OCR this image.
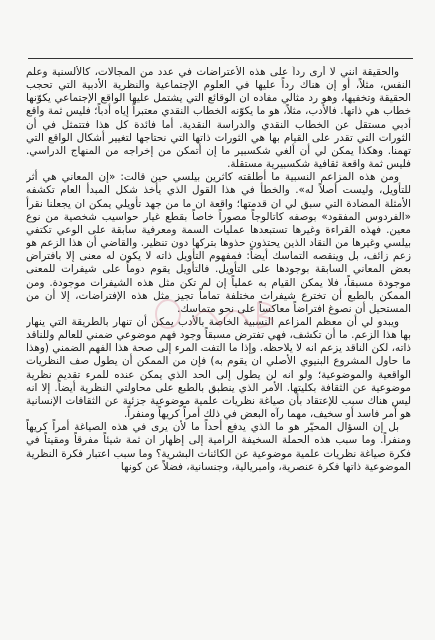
والحقيقة انني لا أرى رداً على هذه الأعتراضات في عدد من المجالات، كالألسنية وعلم النفس، مثلاً، أو إن هناك رداً عليها في العلوم الإجتماعية والنظرية الأدبية التي تحجب الحقيقة وتخفيها، وهو رد مثالي مفاده ان الوقائع التي يشتمل عليها الواقع الإجتماعي يكوّنها خطاب هي ذاتها. فالأدب، مثلاً، هو ما يكوّنه الخطاب النقدي معتبراً إياه أدباً؛ فليس ثمة واقع أدبي مستقل عن الخطاب النقدي والدراسة النقدية. أما فائدة كل هذا فتتمثل في أن الثورات التي تقدر على القيام بها هي الثورات ذاتها التي نحتاجها لتغيير أشكال الواقع التي تهمنا. وهكذا يمكن لي أن ألغي شكسبير ما إن أتمكن من إخراجه من المنهاج الدراسي. فليس ثمة واقعة ثقافية شكسبيرية مستقلة.

ومن هذه المزاعم النسبية ما أطلقته كاثرين بيلسي حين قالت: «إن المعاني هي أثر للتأويل، وليست أصلاً له». والخطأ في هذا القول الذي يأخذ شكل المبدأ العام تكشفه الأمثلة المضادة التي سبق لي ان قدمتها؛ واقعة ان ما من جهد تأويلي يمكن ان يجعلنا نقرأ «الفردوس المفقود» بوصفه كاتالوجاً مصوراً خاصاً بقطع غيار حواسيب شخصية من نوع معين. فهذه القراءة وغيرها تستبعدها عمليات السمة ومعرفية سابقة على الوعي تكتفي بيلسي وغيرها من النقاد الذين يحتذون حذوها بتركها دون تنظير. والقاضي أن هذا الزعم هو زعم زائف، بل وينقصه التماسك أيضاً: فمفهوم التأويل ذاته لا يكون له معنى إلا بافتراض بعض المعاني السابقة بوجودها على التأويل. فالتأويل يقوم دوماً على شيفرات للمعنى موجودة مسبقاً، فلا يمكن القيام به عملياً إن لم تكن مثل هذه الشيفرات موجودة. ومن الممكن بالطبع أن تخترع شيفرات مختلفة تماماً تجيز مثل هذه الإفتراضات، إلا أن من المستحيل أن نصوغ افتراضاً معاكساً على نحو متماسك.

ويبدو لي أن معظم المزاعم النسبية الخاصة بالأدب يمكن أن تنهار بالطريقة التي ينهار بها هذا الزعم. ما أن تكشف، فهي تفترض مسبقاً وجود فهم موضوعي ضمني للعالم وللناقد ذاته، لكن الناقد يزعم انه لا يلاحظه. وإذا ما التفت المرء إلى صحة هذا الفهم الضمني (وهذا ما حاول المشروع البنيوي الأصلي ان يقوم به) فإن من الممكن أن يطول صف النظريات الواقعية والموضوعية؛ ولو انه لن يطول إلى الحد الذي يمكن عنده للمرء تقديم نظرية موضوعية عن الثقافة بكليتها. الأمر الذي ينطبق بالطبع على محاولتي النظرية أيضاً. إلا انه ليس هناك سبب للإعتقاد بأن صياغة نظريات علمية موضوعية جزئية عن الثقافات الإنسانية هو أمر فاسد أو سخيف، مهما رآه البعض في ذلك أمراً كريهاً ومنفراً.

بل إن السؤال المحيّر هو ما الذي يدفع أحداً ما لأن يرى في هذه الصياغة أمراً كريهاً ومنفراً. وما سبب هذه الحملة السخيفة الرامية إلى إظهار ان ثمة شيئاً مفرقاً ومقيتاً في فكرة صياغة نظريات علمية موضوعية عن الكائنات البشرية؟ وما سبب اعتبار فكرة النظرية الموضوعية ذاتها فكرة عنصرية، وامبريالية، وجنسانية، فضلاً عن كونها
